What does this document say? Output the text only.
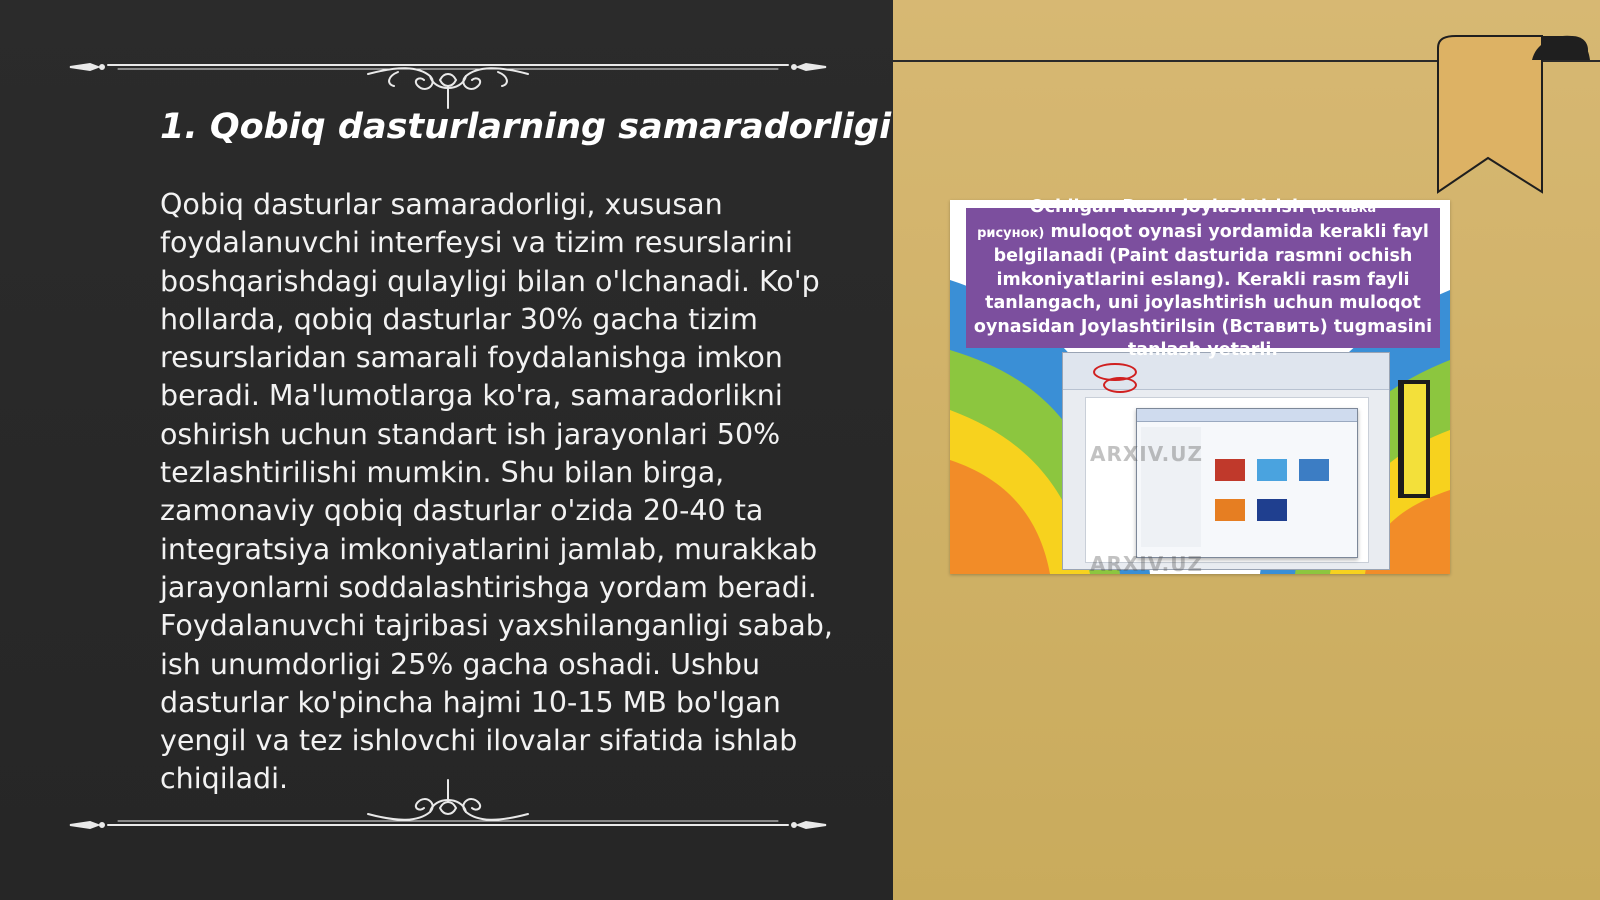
1. Qobiq dasturlarning samaradorligi

Qobiq dasturlar samaradorligi, xususan foydalanuvchi interfeysi va tizim resurslarini boshqarishdagi qulayligi bilan o'lchanadi. Ko'p hollarda, qobiq dasturlar 30% gacha tizim resurslaridan samarali foydalanishga imkon beradi. Ma'lumotlarga ko'ra, samaradorlikni oshirish uchun standart ish jarayonlari 50% tezlashtirilishi mumkin. Shu bilan birga, zamonaviy qobiq dasturlar o'zida 20-40 ta integratsiya imkoniyatlarini jamlab, murakkab jarayonlarni soddalashtirishga yordam beradi. Foydalanuvchi tajribasi yaxshilanganligi sabab, ish unumdorligi 25% gacha oshadi. Ushbu dasturlar ko'pincha hajmi 10-15 MB bo'lgan yengil va tez ishlovchi ilovalar sifatida ishlab chiqiladi.

ARXIV.UZ
ARXIV.UZ
Ochilgan Rasm joylashtirish (Вставка
рисунок) muloqot oynasi yordamida kerakli fayl belgilanadi (Paint dasturida rasmni ochish imkoniyatlarini eslang). Kerakli rasm fayli tanlangach, uni joylashtirish uchun muloqot oynasidan Joylashtirilsin (Вставить) tugmasini tanlash yetarli.
